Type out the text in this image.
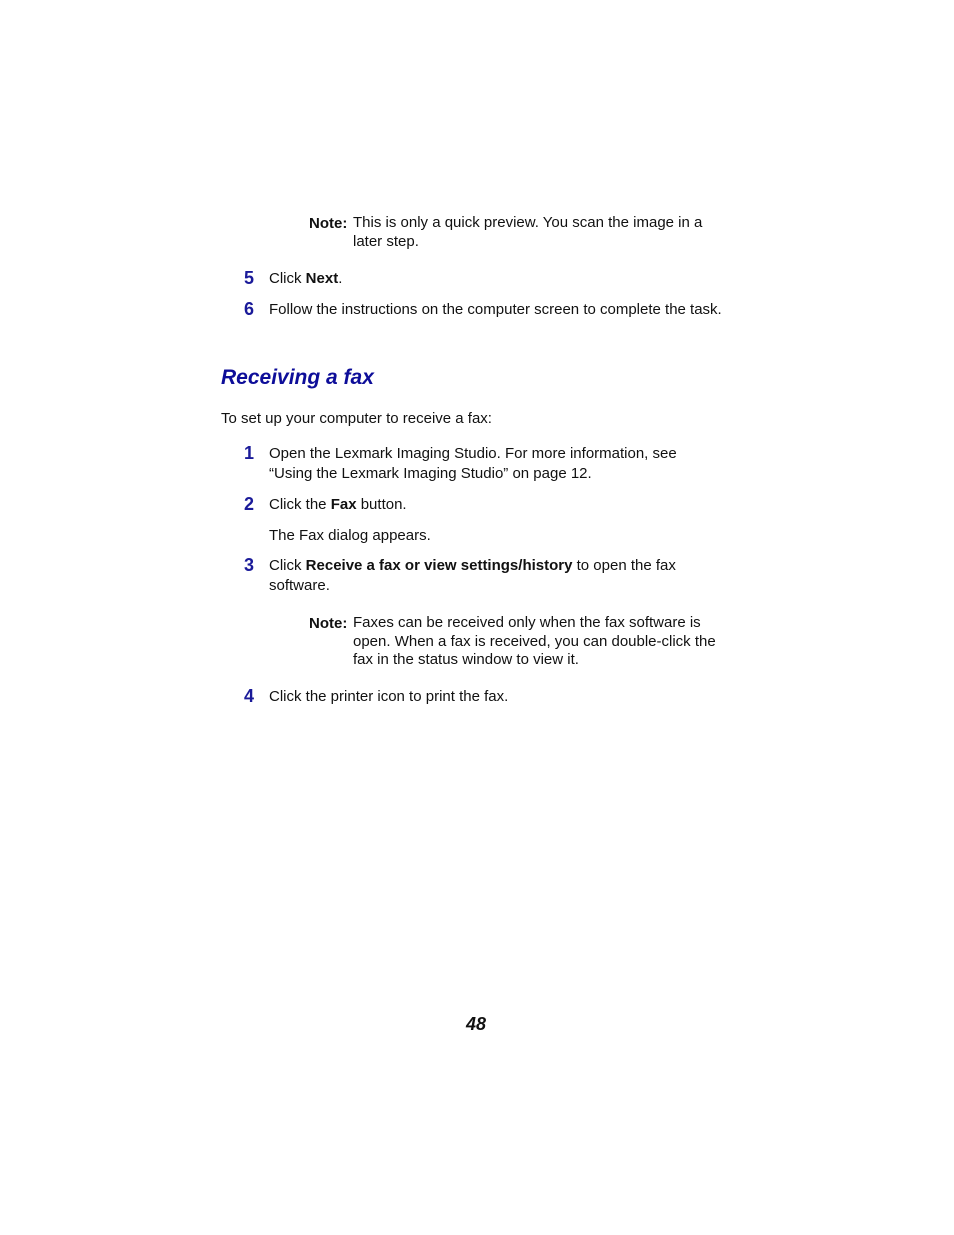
Note: This is only a quick preview. You scan the image in a later step.
5 Click Next.
6 Follow the instructions on the computer screen to complete the task.
Receiving a fax
To set up your computer to receive a fax:
1 Open the Lexmark Imaging Studio. For more information, see “Using the Lexmark Imaging Studio” on page 12.
2 Click the Fax button.
The Fax dialog appears.
3 Click Receive a fax or view settings/history to open the fax software.
Note: Faxes can be received only when the fax software is open. When a fax is received, you can double-click the fax in the status window to view it.
4 Click the printer icon to print the fax.
48
